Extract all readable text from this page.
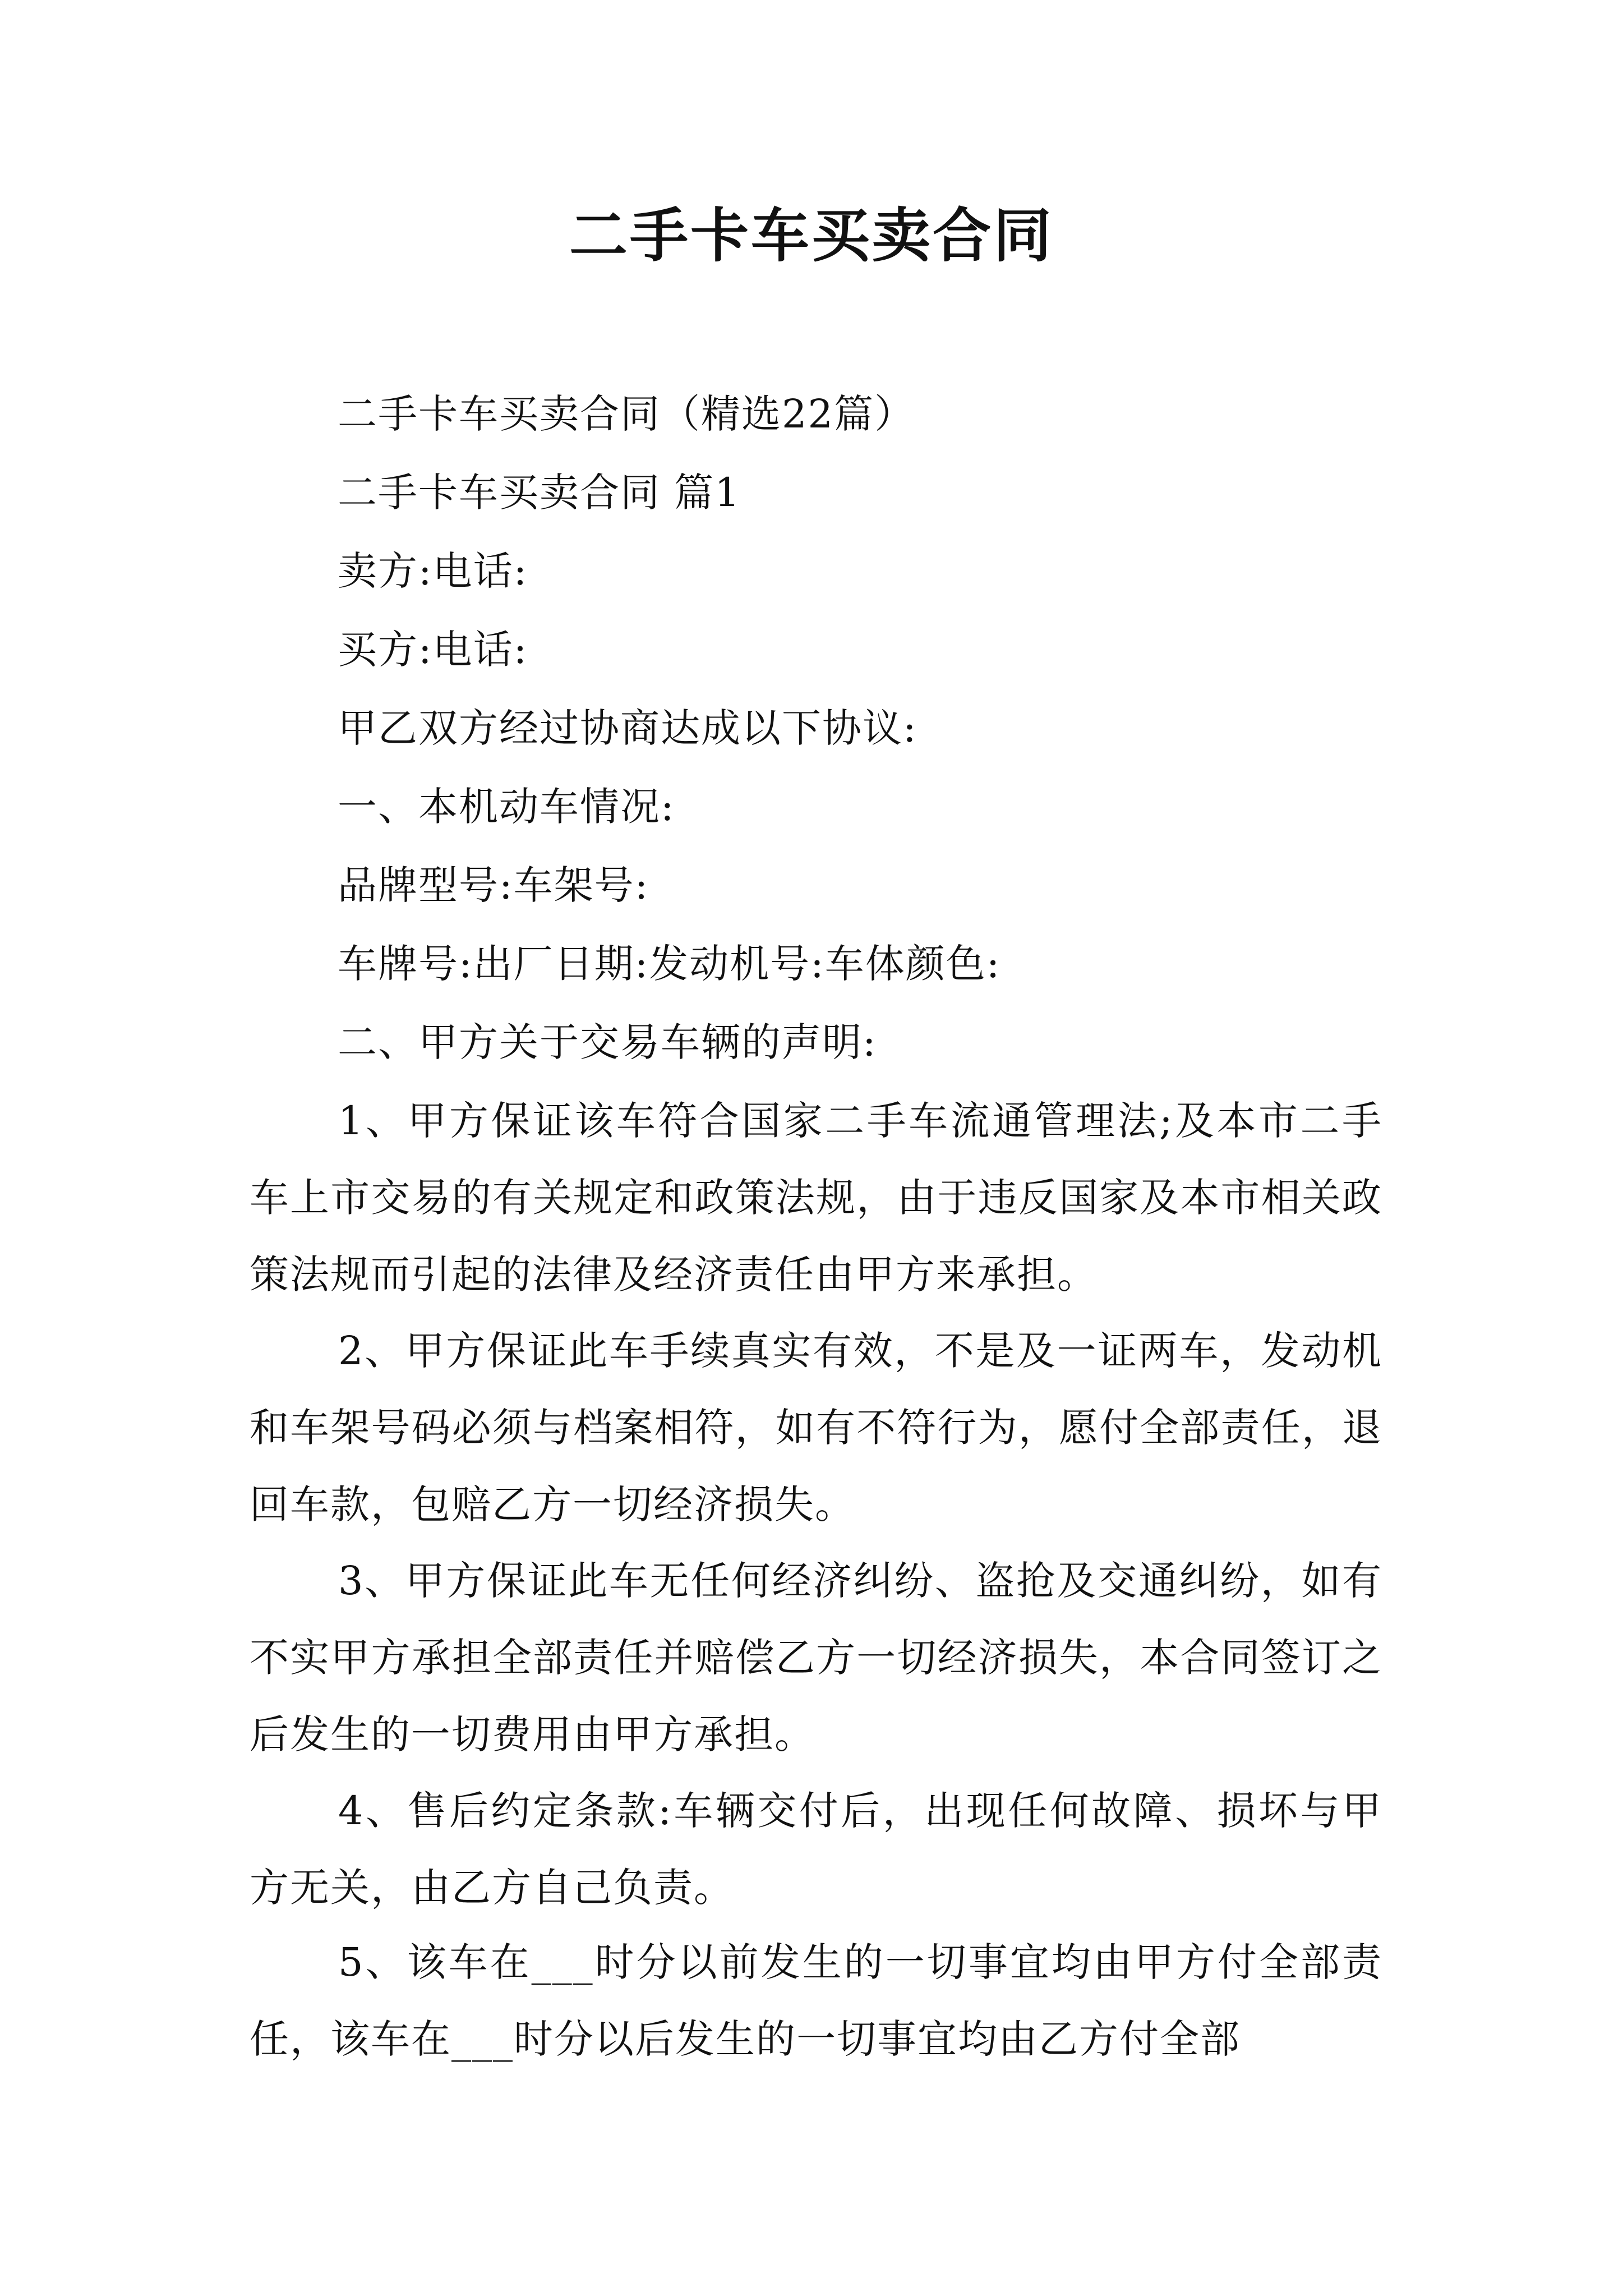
二手卡车买卖合同
二手卡车买卖合同（精选22篇）
二手卡车买卖合同 篇1
卖方:电话:
买方:电话:
甲乙双方经过协商达成以下协议:
一、本机动车情况:
品牌型号:车架号:
车牌号:出厂日期:发动机号:车体颜色:
二、甲方关于交易车辆的声明:
1、甲方保证该车符合国家二手车流通管理法;及本市二手车上市交易的有关规定和政策法规，由于违反国家及本市相关政策法规而引起的法律及经济责任由甲方来承担。
2、甲方保证此车手续真实有效，不是及一证两车，发动机和车架号码必须与档案相符，如有不符行为，愿付全部责任，退回车款，包赔乙方一切经济损失。
3、甲方保证此车无任何经济纠纷、盗抢及交通纠纷，如有不实甲方承担全部责任并赔偿乙方一切经济损失，本合同签订之后发生的一切费用由甲方承担。
4、售后约定条款:车辆交付后，出现任何故障、损坏与甲方无关，由乙方自己负责。
5、该车在___时分以前发生的一切事宜均由甲方付全部责任，该车在___时分以后发生的一切事宜均由乙方付全部
